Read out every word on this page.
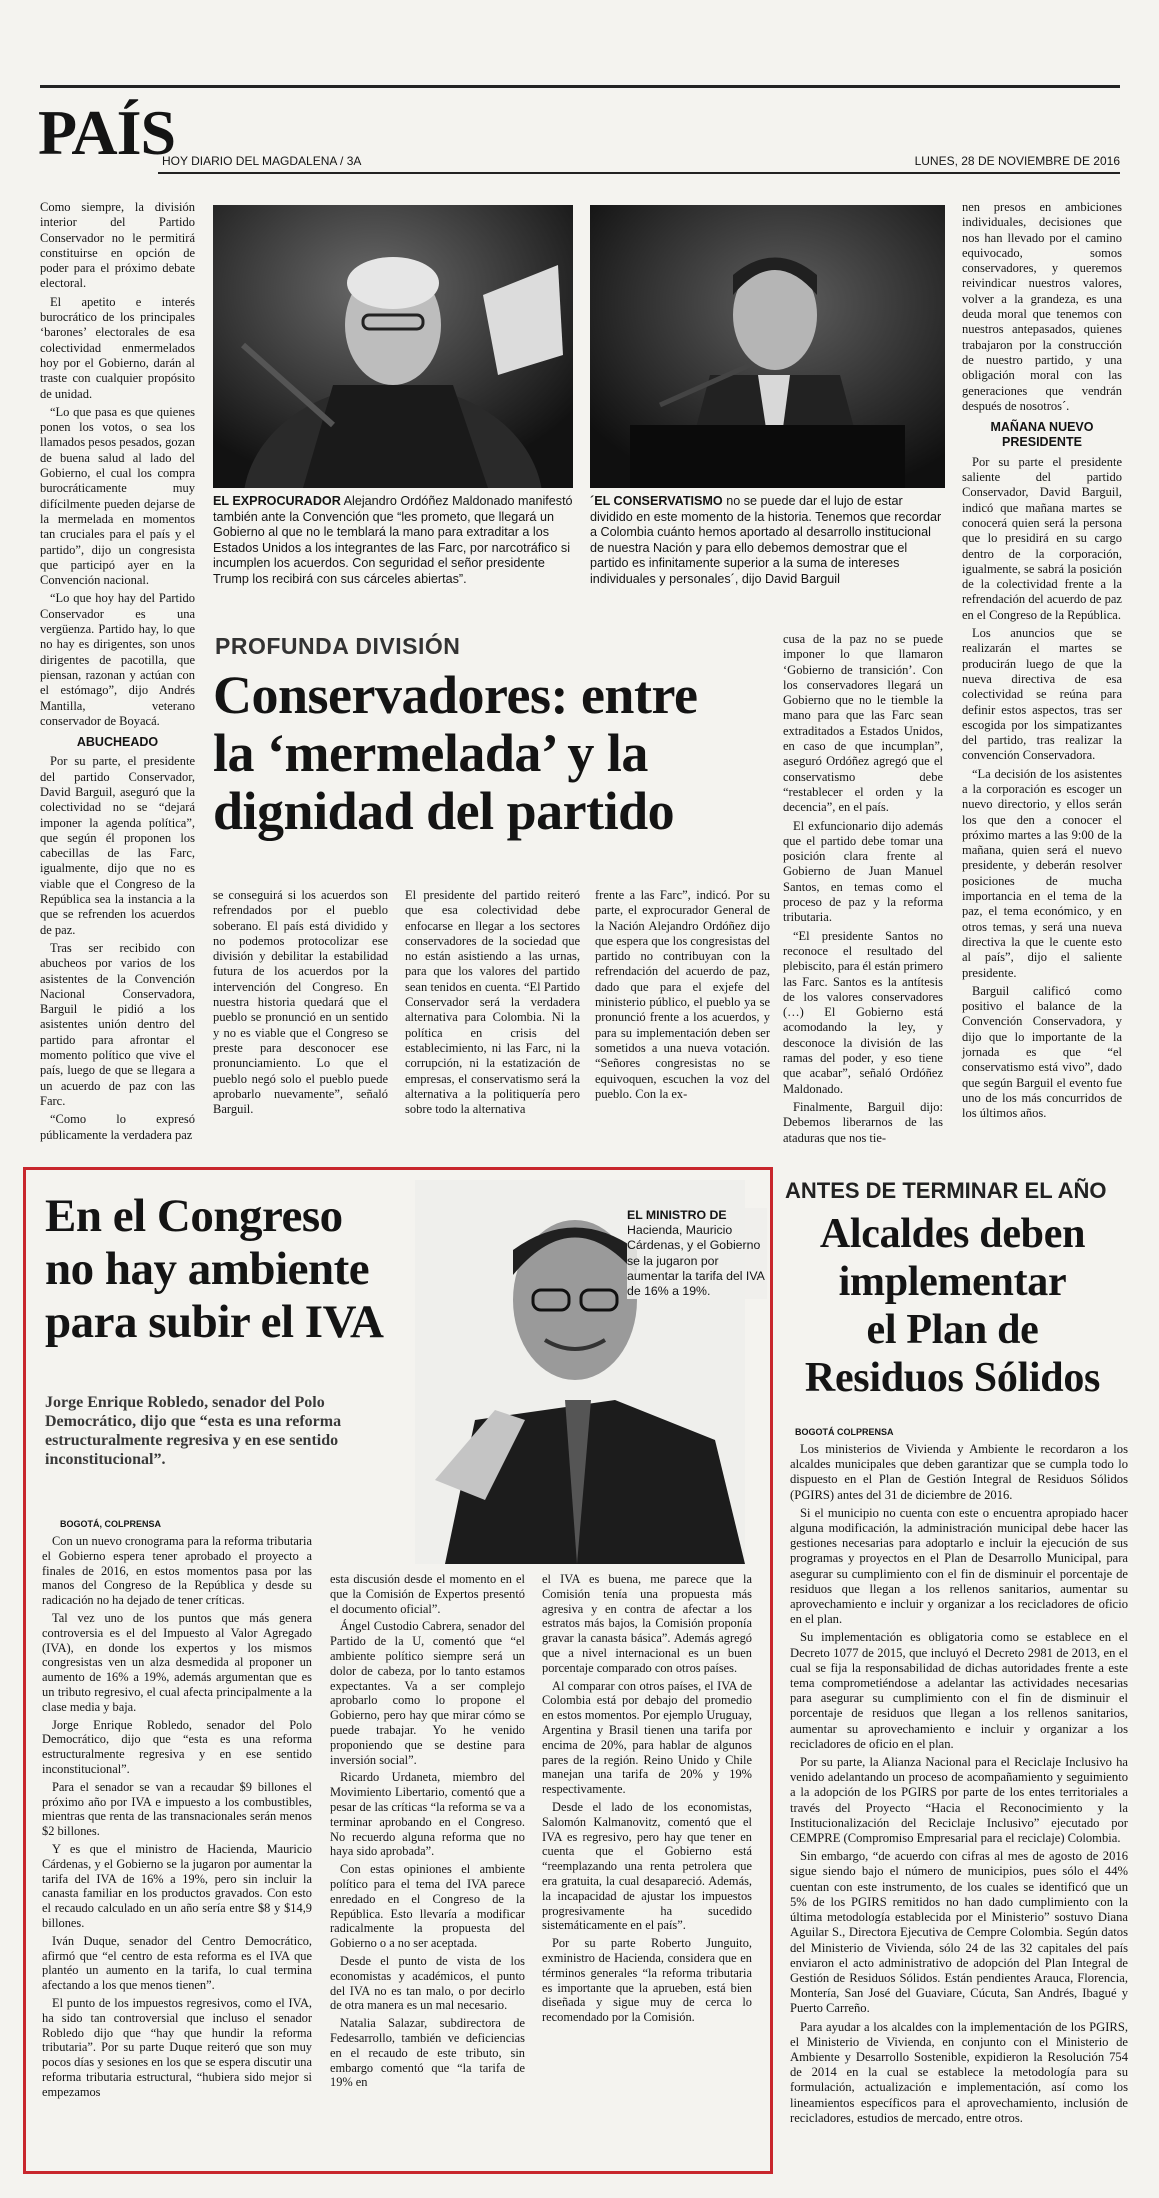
PAÍS
HOY DIARIO DEL MAGDALENA / 3A	LUNES, 28 DE NOVIEMBRE DE 2016

Como siempre, la división interior del Partido Conservador no le permitirá constituirse en opción de poder para el próximo debate electoral.

El apetito e interés burocrático de los principales ‘barones’ electorales de esa colectividad enmermelados hoy por el Gobierno, darán al traste con cualquier propósito de unidad.

“Lo que pasa es que quienes ponen los votos, o sea los llamados pesos pesados, gozan de buena salud al lado del Gobierno, el cual los compra burocráticamente muy difícilmente pueden dejarse de la mermelada en momentos tan cruciales para el país y el partido”, dijo un congresista que participó ayer en la Convención nacional.

“Lo que hoy hay del Partido Conservador es una vergüenza. Partido hay, lo que no hay es dirigentes, son unos dirigentes de pacotilla, que piensan, razonan y actúan con el estómago”, dijo Andrés Mantilla, veterano conservador de Boyacá.

ABUCHEADO

Por su parte, el presidente del partido Conservador, David Barguil, aseguró que la colectividad no se “dejará imponer la agenda política”, que según él proponen los cabecillas de las Farc, igualmente, dijo que no es viable que el Congreso de la República sea la instancia a la que se refrenden los acuerdos de paz.

Tras ser recibido con abucheos por varios de los asistentes de la Convención Nacional Conservadora, Barguil le pidió a los asistentes unión dentro del partido para afrontar el momento político que vive el país, luego de que se llegara a un acuerdo de paz con las Farc.

“Como lo expresó públicamente la verdadera paz

EL EXPROCURADOR Alejandro Ordóñez Maldonado manifestó también ante la Convención que “les prometo, que llegará un Gobierno al que no le temblará la mano para extraditar a los Estados Unidos a los integrantes de las Farc, por narcotráfico si incumplen los acuerdos. Con seguridad el señor presidente Trump los recibirá con sus cárceles abiertas”.
´EL CONSERVATISMO no se puede dar el lujo de estar dividido en este momento de la historia. Tenemos que recordar a Colombia cuánto hemos aportado al desarrollo institucional de nuestra Nación y para ello debemos demostrar que el partido es infinitamente superior a la suma de intereses individuales y personales´, dijo David Barguil
PROFUNDA DIVISIÓN
Conservadores: entre
la ‘mermelada’ y la
dignidad del partido

cusa de la paz no se puede imponer lo que llamaron ‘Gobierno de transición’. Con los conservadores llegará un Gobierno que no le tiemble la mano para que las Farc sean extraditados a Estados Unidos, en caso de que incumplan”, aseguró Ordóñez agregó que el conservatismo debe “restablecer el orden y la decencia”, en el país.

El exfuncionario dijo además que el partido debe tomar una posición clara frente al Gobierno de Juan Manuel Santos, en temas como el proceso de paz y la reforma tributaria.

“El presidente Santos no reconoce el resultado del plebiscito, para él están primero las Farc. Santos es la antítesis de los valores conservadores (…) El Gobierno está acomodando la ley, y desconoce la división de las ramas del poder, y eso tiene que acabar”, señaló Ordóñez Maldonado.

Finalmente, Barguil dijo: Debemos liberarnos de las ataduras que nos tie-

se conseguirá si los acuerdos son refrendados por el pueblo soberano. El país está dividido y no podemos protocolizar ese división y debilitar la estabilidad futura de los acuerdos por la intervención del Congreso. En nuestra historia quedará que el pueblo se pronunció en un sentido y no es viable que el Congreso se preste para desconocer ese pronunciamiento. Lo que el pueblo negó solo el pueblo puede aprobarlo nuevamente”, señaló Barguil.

El presidente del partido reiteró que esa colectividad debe enfocarse en llegar a los sectores conservadores de la sociedad que no están asistiendo a las urnas, para que los valores del partido sean tenidos en cuenta. “El Partido Conservador será la verdadera alternativa para Colombia. Ni la política en crisis del establecimiento, ni las Farc, ni la corrupción, ni la estatización de empresas, el conservatismo será la alternativa a la politiquería pero sobre todo la alternativa

frente a las Farc”, indicó. Por su parte, el exprocurador General de la Nación Alejandro Ordóñez dijo que espera que los congresistas del partido no contribuyan con la refrendación del acuerdo de paz, dado que para el exjefe del ministerio público, el pueblo ya se pronunció frente a los acuerdos, y para su implementación deben ser sometidos a una nueva votación. “Señores congresistas no se equivoquen, escuchen la voz del pueblo. Con la ex-

nen presos en ambiciones individuales, decisiones que nos han llevado por el camino equivocado, somos conservadores, y queremos reivindicar nuestros valores, volver a la grandeza, es una deuda moral que tenemos con nuestros antepasados, quienes trabajaron por la construcción de nuestro partido, y una obligación moral con las generaciones que vendrán después de nosotros´.

MAÑANA NUEVO PRESIDENTE

Por su parte el presidente saliente del partido Conservador, David Barguil, indicó que mañana martes se conocerá quien será la persona que lo presidirá en su cargo dentro de la corporación, igualmente, se sabrá la posición de la colectividad frente a la refrendación del acuerdo de paz en el Congreso de la República.

Los anuncios que se realizarán el martes se producirán luego de que la nueva directiva de esa colectividad se reúna para definir estos aspectos, tras ser escogida por los simpatizantes del partido, tras realizar la convención Conservadora.

“La decisión de los asistentes a la corporación es escoger un nuevo directorio, y ellos serán los que den a conocer el próximo martes a las 9:00 de la mañana, quien será el nuevo presidente, y deberán resolver posiciones de mucha importancia en el tema de la paz, el tema económico, y en otros temas, y será una nueva directiva la que le cuente esto al país”, dijo el saliente presidente.

Barguil calificó como positivo el balance de la Convención Conservadora, y dijo que lo importante de la jornada es que “el conservatismo está vivo”, dado que según Barguil el evento fue uno de los más concurridos de los últimos años.

En el Congreso
no hay ambiente
para subir el IVA
Jorge Enrique Robledo, senador del Polo Democrático, dijo que “esta es una reforma estructuralmente regresiva y en ese sentido inconstitucional”.
EL MINISTRO DE Hacienda, Mauricio Cárdenas, y el Gobierno se la jugaron por aumentar la tarifa del IVA de 16% a 19%.
BOGOTÁ, COLPRENSA

Con un nuevo cronograma para la reforma tributaria el Gobierno espera tener aprobado el proyecto a finales de 2016, en estos momentos pasa por las manos del Congreso de la República y desde su radicación no ha dejado de tener críticas.

Tal vez uno de los puntos que más genera controversia es el del Impuesto al Valor Agregado (IVA), en donde los expertos y los mismos congresistas ven un alza desmedida al proponer un aumento de 16% a 19%, además argumentan que es un tributo regresivo, el cual afecta principalmente a la clase media y baja.

Jorge Enrique Robledo, senador del Polo Democrático, dijo que “esta es una reforma estructuralmente regresiva y en ese sentido inconstitucional”.

Para el senador se van a recaudar $9 billones el próximo año por IVA e impuesto a los combustibles, mientras que renta de las transnacionales serán menos $2 billones.

Y es que el ministro de Hacienda, Mauricio Cárdenas, y el Gobierno se la jugaron por aumentar la tarifa del IVA de 16% a 19%, pero sin incluir la canasta familiar en los productos gravados. Con esto el recaudo calculado en un año sería entre $8 y $14,9 billones.

Iván Duque, senador del Centro Democrático, afirmó que “el centro de esta reforma es el IVA que plantéo un aumento en la tarifa, lo cual termina afectando a los que menos tienen”.

El punto de los impuestos regresivos, como el IVA, ha sido tan controversial que incluso el senador Robledo dijo que “hay que hundir la reforma tributaria”. Por su parte Duque reiteró que son muy pocos días y sesiones en los que se espera discutir una reforma tributaria estructural, “hubiera sido mejor si empezamos

esta discusión desde el momento en el que la Comisión de Expertos presentó el documento oficial”.

Ángel Custodio Cabrera, senador del Partido de la U, comentó que “el ambiente político siempre será un dolor de cabeza, por lo tanto estamos expectantes. Va a ser complejo aprobarlo como lo propone el Gobierno, pero hay que mirar cómo se puede trabajar. Yo he venido proponiendo que se destine para inversión social”.

Ricardo Urdaneta, miembro del Movimiento Libertario, comentó que a pesar de las críticas “la reforma se va a terminar aprobando en el Congreso. No recuerdo alguna reforma que no haya sido aprobada”.

Con estas opiniones el ambiente político para el tema del IVA parece enredado en el Congreso de la República. Esto llevaría a modificar radicalmente la propuesta del Gobierno o a no ser aceptada.

Desde el punto de vista de los economistas y académicos, el punto del IVA no es tan malo, o por decirlo de otra manera es un mal necesario.

Natalia Salazar, subdirectora de Fedesarrollo, también ve deficiencias en el recaudo de este tributo, sin embargo comentó que “la tarifa de 19% en

el IVA es buena, me parece que la Comisión tenía una propuesta más agresiva y en contra de afectar a los estratos más bajos, la Comisión proponía gravar la canasta básica”. Además agregó que a nivel internacional es un buen porcentaje comparado con otros países.

Al comparar con otros países, el IVA de Colombia está por debajo del promedio en estos momentos. Por ejemplo Uruguay, Argentina y Brasil tienen una tarifa por encima de 20%, para hablar de algunos pares de la región. Reino Unido y Chile manejan una tarifa de 20% y 19% respectivamente.

Desde el lado de los economistas, Salomón Kalmanovitz, comentó que el IVA es regresivo, pero hay que tener en cuenta que el Gobierno está “reemplazando una renta petrolera que era gratuita, la cual desapareció. Además, la incapacidad de ajustar los impuestos progresivamente ha sucedido sistemáticamente en el país”.

Por su parte Roberto Junguito, exministro de Hacienda, considera que en términos generales “la reforma tributaria es importante que la aprueben, está bien diseñada y sigue muy de cerca lo recomendado por la Comisión.

ANTES DE TERMINAR EL AÑO
Alcaldes deben
implementar
el Plan de
Residuos Sólidos
BOGOTÁ COLPRENSA

Los ministerios de Vivienda y Ambiente le recordaron a los alcaldes municipales que deben garantizar que se cumpla todo lo dispuesto en el Plan de Gestión Integral de Residuos Sólidos (PGIRS) antes del 31 de diciembre de 2016.

Si el municipio no cuenta con este o encuentra apropiado hacer alguna modificación, la administración municipal debe hacer las gestiones necesarias para adoptarlo e incluir la ejecución de sus programas y proyectos en el Plan de Desarrollo Municipal, para asegurar su cumplimiento con el fin de disminuir el porcentaje de residuos que llegan a los rellenos sanitarios, aumentar su aprovechamiento e incluir y organizar a los recicladores de oficio en el plan.

Su implementación es obligatoria como se establece en el Decreto 1077 de 2015, que incluyó el Decreto 2981 de 2013, en el cual se fija la responsabilidad de dichas autoridades frente a este tema comprometiéndose a adelantar las actividades necesarias para asegurar su cumplimiento con el fin de disminuir el porcentaje de residuos que llegan a los rellenos sanitarios, aumentar su aprovechamiento e incluir y organizar a los recicladores de oficio en el plan.

Por su parte, la Alianza Nacional para el Reciclaje Inclusivo ha venido adelantando un proceso de acompañamiento y seguimiento a la adopción de los PGIRS por parte de los entes territoriales a través del Proyecto “Hacia el Reconocimiento y la Institucionalización del Reciclaje Inclusivo” ejecutado por CEMPRE (Compromiso Empresarial para el reciclaje) Colombia.

Sin embargo, “de acuerdo con cifras al mes de agosto de 2016 sigue siendo bajo el número de municipios, pues sólo el 44% cuentan con este instrumento, de los cuales se identificó que un 5% de los PGIRS remitidos no han dado cumplimiento con la última metodología establecida por el Ministerio” sostuvo Diana Aguilar S., Directora Ejecutiva de Cempre Colombia. Según datos del Ministerio de Vivienda, sólo 24 de las 32 capitales del país enviaron el acto administrativo de adopción del Plan Integral de Gestión de Residuos Sólidos. Están pendientes Arauca, Florencia, Montería, San José del Guaviare, Cúcuta, San Andrés, Ibagué y Puerto Carreño.

Para ayudar a los alcaldes con la implementación de los PGIRS, el Ministerio de Vivienda, en conjunto con el Ministerio de Ambiente y Desarrollo Sostenible, expidieron la Resolución 754 de 2014 en la cual se establece la metodología para su formulación, actualización e implementación, así como los lineamientos específicos para el aprovechamiento, inclusión de recicladores, estudios de mercado, entre otros.
